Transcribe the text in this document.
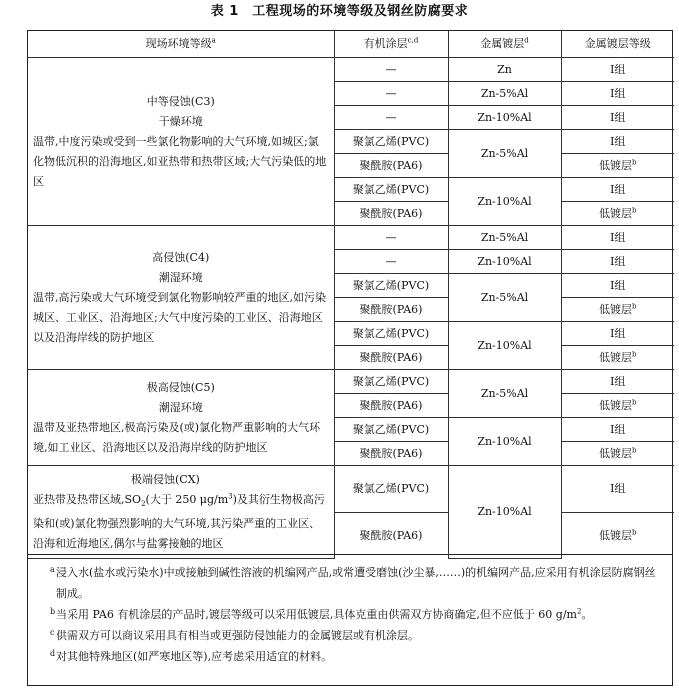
表 1　工程现场的环境等级及钢丝防腐要求
现场环境等级$^a$	有机涂层$^{c,d}$	金属镀层$^d$	金属镀层等级

中等侵蚀(C3)
干燥环境
温带,中度污染或受到一些氯化物影响的大气环境,如城区;氯化物低沉积的沿海地区,如亚热带和热带区域;大气污染低的地区	—	Zn	Ⅰ组
	—	Zn-5%Al	Ⅰ组
	—	Zn-10%Al	Ⅰ组
	聚氯乙烯(PVC)	Zn-5%Al	Ⅰ组
	聚酰胺(PA6)		低镀层$^b$
	聚氯乙烯(PVC)	Zn-10%Al	Ⅰ组
	聚酰胺(PA6)		低镀层$^b$

高侵蚀(C4)
潮湿环境
温带,高污染或大气环境受到氯化物影响较严重的地区,如污染城区、工业区、沿海地区;大气中度污染的工业区、沿海地区以及沿海岸线的防护地区	—	Zn-5%Al	Ⅰ组
	—	Zn-10%Al	Ⅰ组
	聚氯乙烯(PVC)	Zn-5%Al	Ⅰ组
	聚酰胺(PA6)		低镀层$^b$
	聚氯乙烯(PVC)	Zn-10%Al	Ⅰ组
	聚酰胺(PA6)		低镀层$^b$

极高侵蚀(C5)
潮湿环境
温带及亚热带地区,极高污染及(或)氯化物严重影响的大气环境,如工业区、沿海地区以及沿海岸线的防护地区	聚氯乙烯(PVC)	Zn-5%Al	Ⅰ组
	聚酰胺(PA6)		低镀层$^b$
	聚氯乙烯(PVC)	Zn-10%Al	Ⅰ组
	聚酰胺(PA6)		低镀层$^b$

极端侵蚀(CX)
亚热带及热带区域$,SO_2$(大于 250 $\mu g/m^3$)及其衍生物极高污染和(或)氯化物强烈影响的大气环境,其污染严重的工业区、沿海和近海地区,偶尔与盐雾接触的地区	聚氯乙烯(PVC)	Zn-10%Al	Ⅰ组
	聚酰胺(PA6)		低镀层$^b$
a 浸入水(盐水或污染水)中或接触到碱性溶液的机编网产品,或常遭受磨蚀(沙尘暴,……)的机编网产品,应采用有机涂层防腐钢丝制成。
b 当采用 PA6 有机涂层的产品时,镀层等级可以采用低镀层,具体克重由供需双方协商确定,但不应低于 60 $g/m^2$。
c 供需双方可以商议采用具有相当或更强防侵蚀能力的金属镀层或有机涂层。
d 对其他特殊地区(如严寒地区等),应考虑采用适宜的材料。
